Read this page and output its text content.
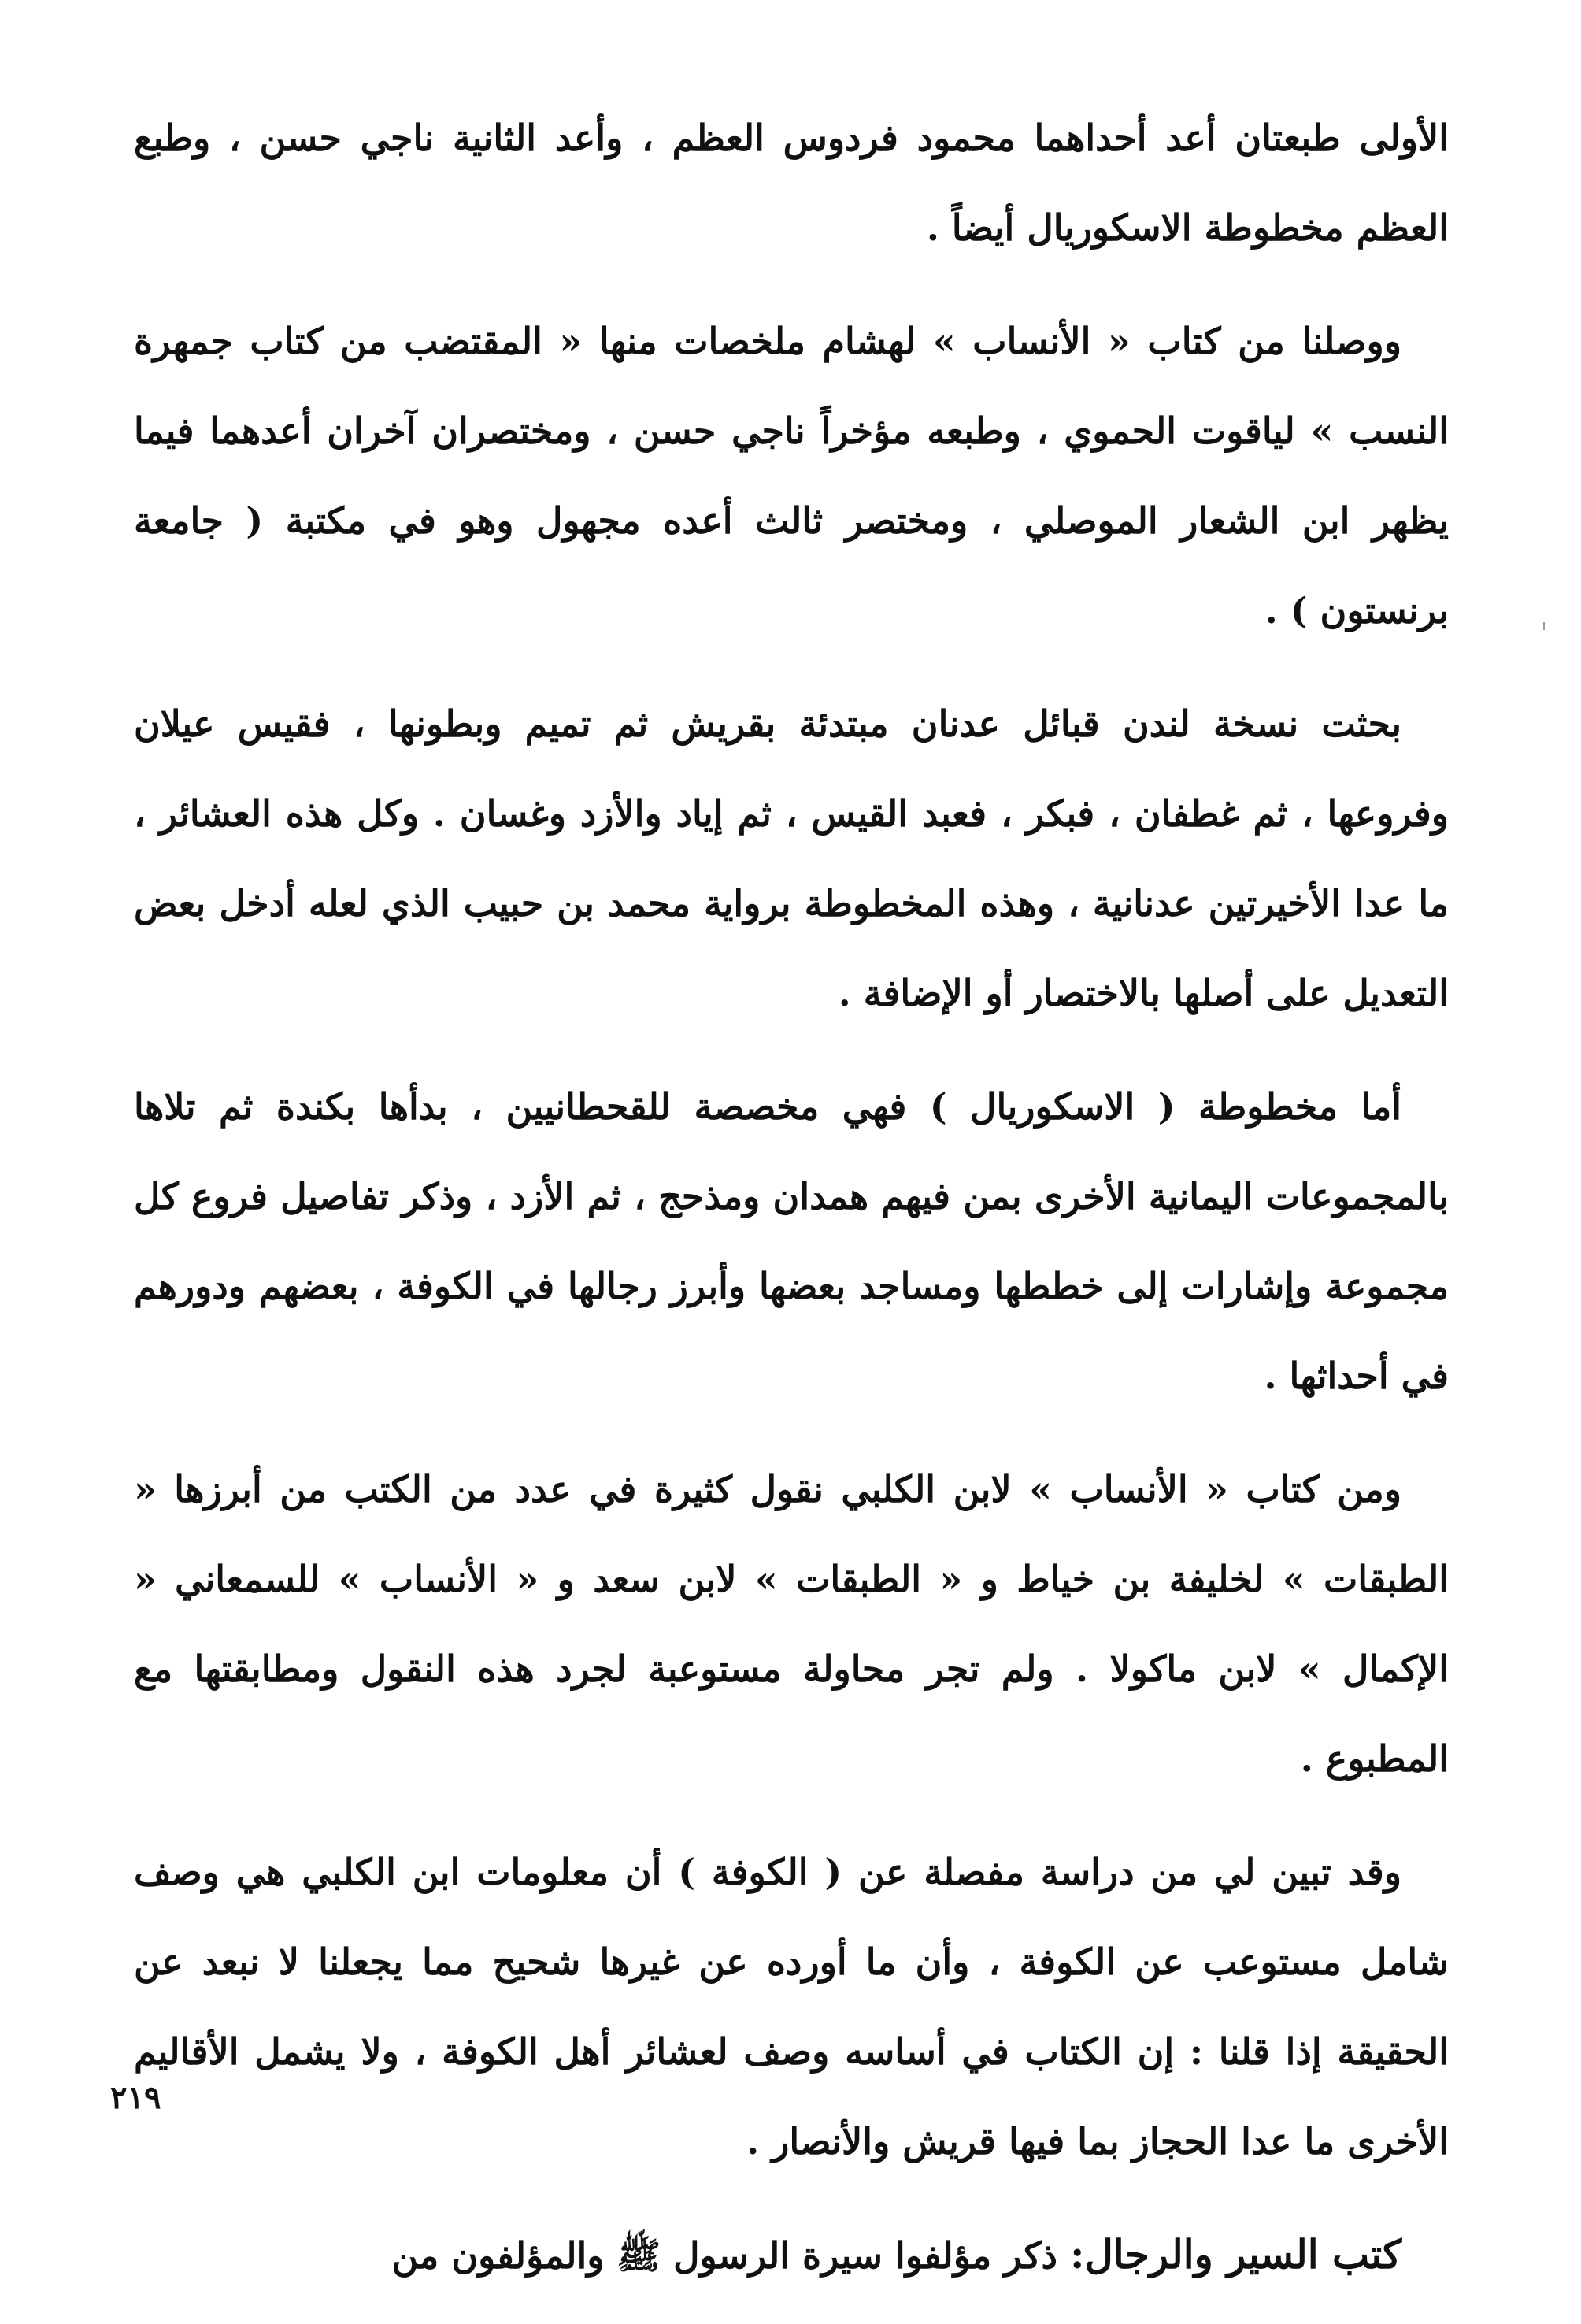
الأولى طبعتان أعد أحداهما محمود فردوس العظم ، وأعد الثانية ناجي حسن ، وطبع العظم مخطوطة الاسكوريال أيضاً .

ووصلنا من كتاب « الأنساب » لهشام ملخصات منها « المقتضب من كتاب جمهرة النسب » لياقوت الحموي ، وطبعه مؤخراً ناجي حسن ، ومختصران آخران أعدهما فيما يظهر ابن الشعار الموصلي ، ومختصر ثالث أعده مجهول وهو في مكتبة ( جامعة برنستون ) .

بحثت نسخة لندن قبائل عدنان مبتدئة بقريش ثم تميم وبطونها ، فقيس عيلان وفروعها ، ثم غطفان ، فبكر ، فعبد القيس ، ثم إياد والأزد وغسان . وكل هذه العشائر ، ما عدا الأخيرتين عدنانية ، وهذه المخطوطة برواية محمد بن حبيب الذي لعله أدخل بعض التعديل على أصلها بالاختصار أو الإضافة .

أما مخطوطة ( الاسكوريال ) فهي مخصصة للقحطانيين ، بدأها بكندة ثم تلاها بالمجموعات اليمانية الأخرى بمن فيهم همدان ومذحج ، ثم الأزد ، وذكر تفاصيل فروع كل مجموعة وإشارات إلى خططها ومساجد بعضها وأبرز رجالها في الكوفة ، بعضهم ودورهم في أحداثها .

ومن كتاب « الأنساب » لابن الكلبي نقول كثيرة في عدد من الكتب من أبرزها « الطبقات » لخليفة بن خياط و « الطبقات » لابن سعد و « الأنساب » للسمعاني « الإكمال » لابن ماكولا . ولم تجر محاولة مستوعبة لجرد هذه النقول ومطابقتها مع المطبوع .

وقد تبين لي من دراسة مفصلة عن ( الكوفة ) أن معلومات ابن الكلبي هي وصف شامل مستوعب عن الكوفة ، وأن ما أورده عن غيرها شحيح مما يجعلنا لا نبعد عن الحقيقة إذا قلنا : إن الكتاب في أساسه وصف لعشائر أهل الكوفة ، ولا يشمل الأقاليم الأخرى ما عدا الحجاز بما فيها قريش والأنصار .

كتب السير والرجال: ذكر مؤلفوا سيرة الرسول ﷺ والمؤلفون من

٢١٩
